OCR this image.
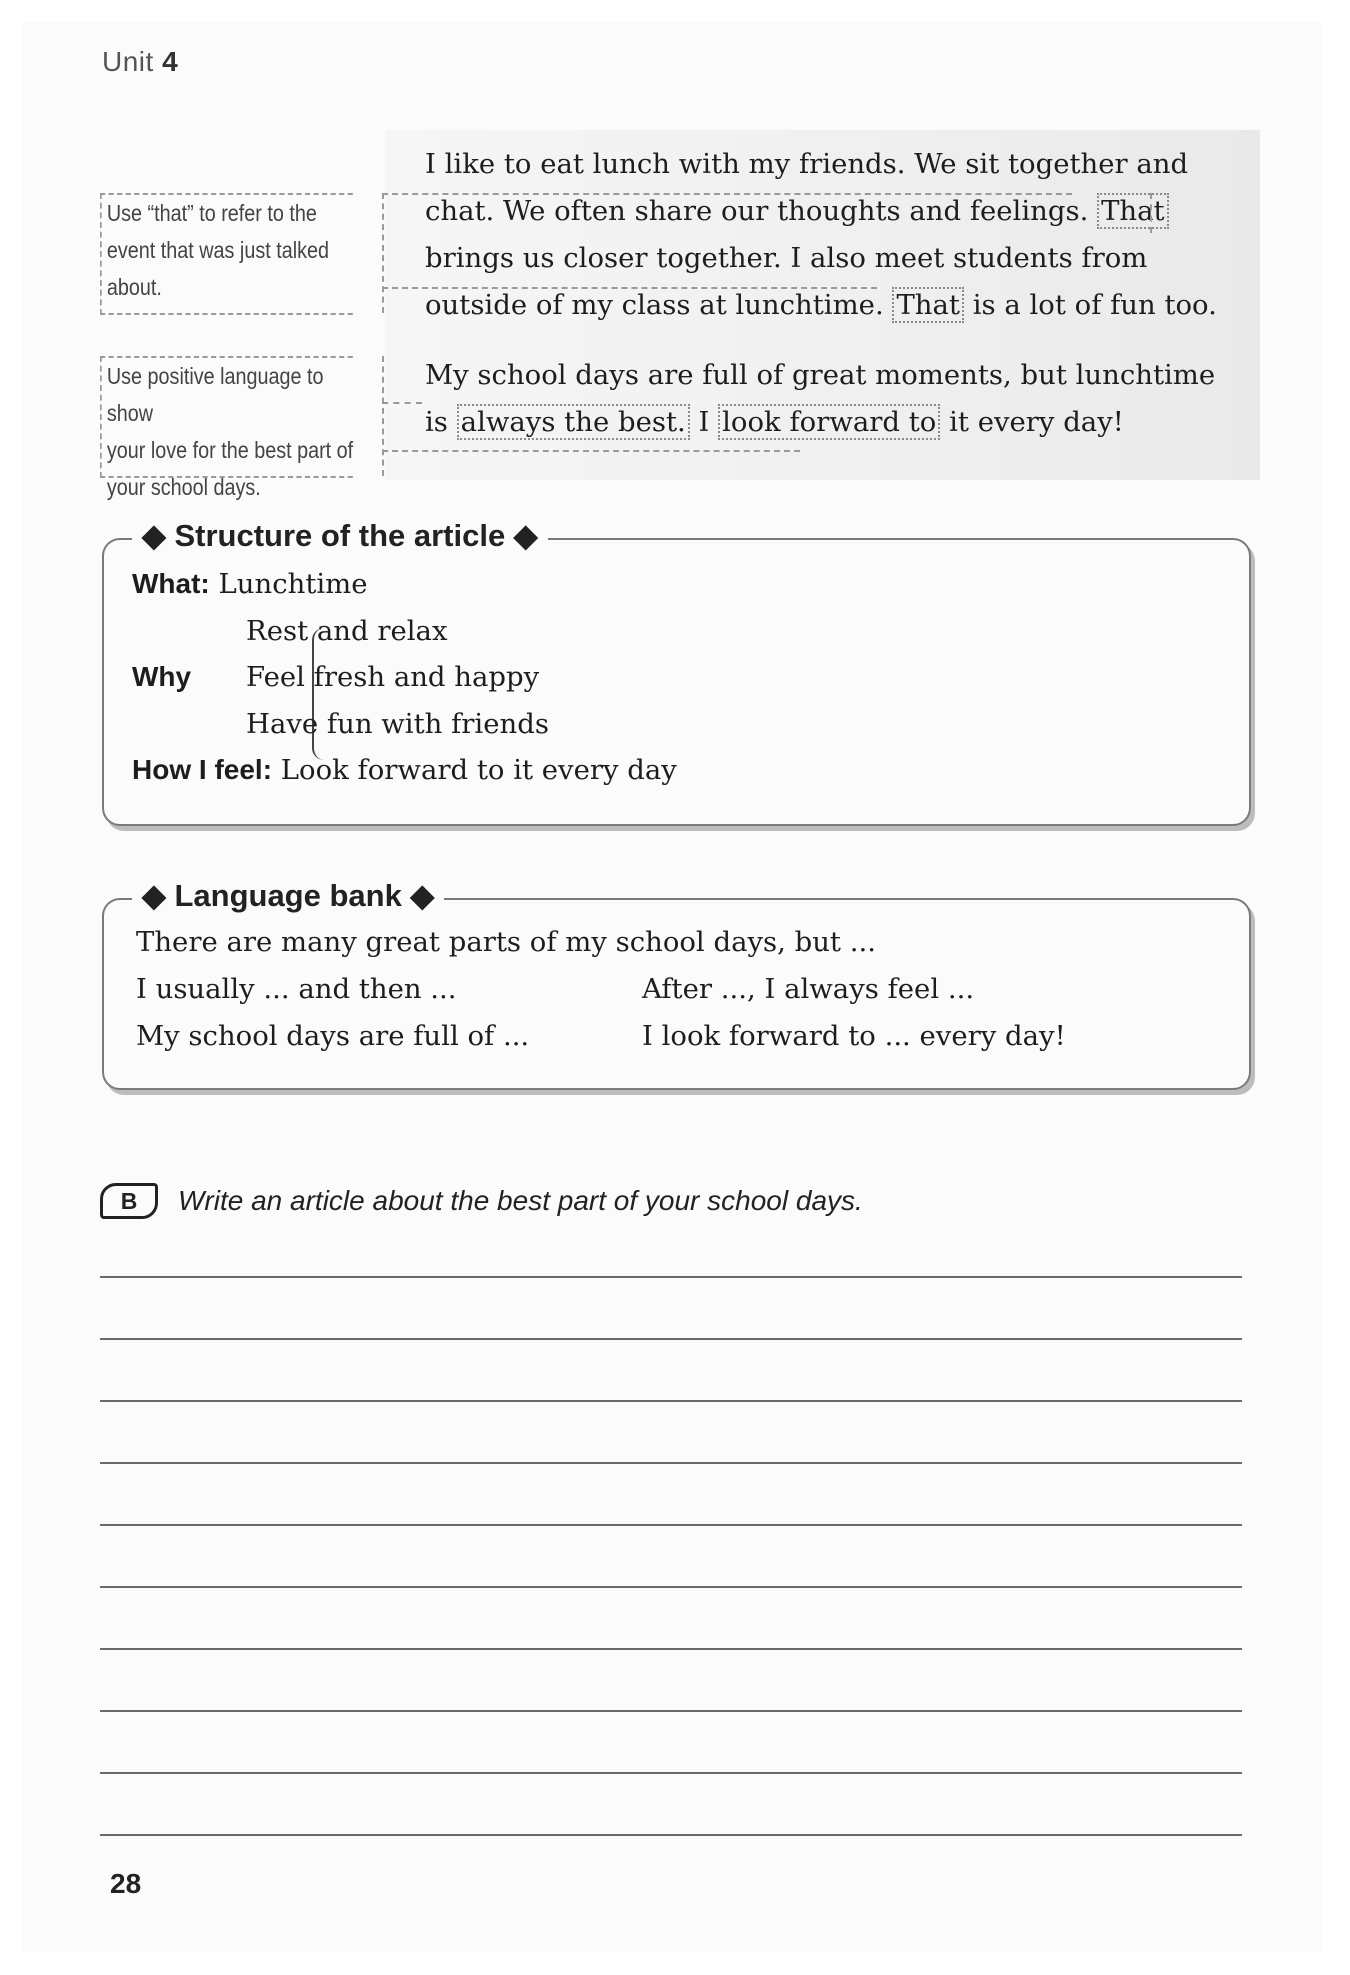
Unit 4
I like to eat lunch with my friends. We sit together and
chat. We often share our thoughts and feelings. That
brings us closer together. I also meet students from
outside of my class at lunchtime. That is a lot of fun too.
My school days are full of great moments, but lunchtime
is always the best. I look forward to it every day!
Use “that” to refer to the
event that was just talked
about.
Use positive language to show
your love for the best part of
your school days.
◆ Structure of the article ◆
What: Lunchtime
Why
Rest and relax
Feel fresh and happy
Have fun with friends
How I feel: Look forward to it every day
◆ Language bank ◆
There are many great parts of my school days, but ...
I usually ... and then ...
My school days are full of ...
After ..., I always feel ...
I look forward to ... every day!
B	Write an article about the best part of your school days.
28
